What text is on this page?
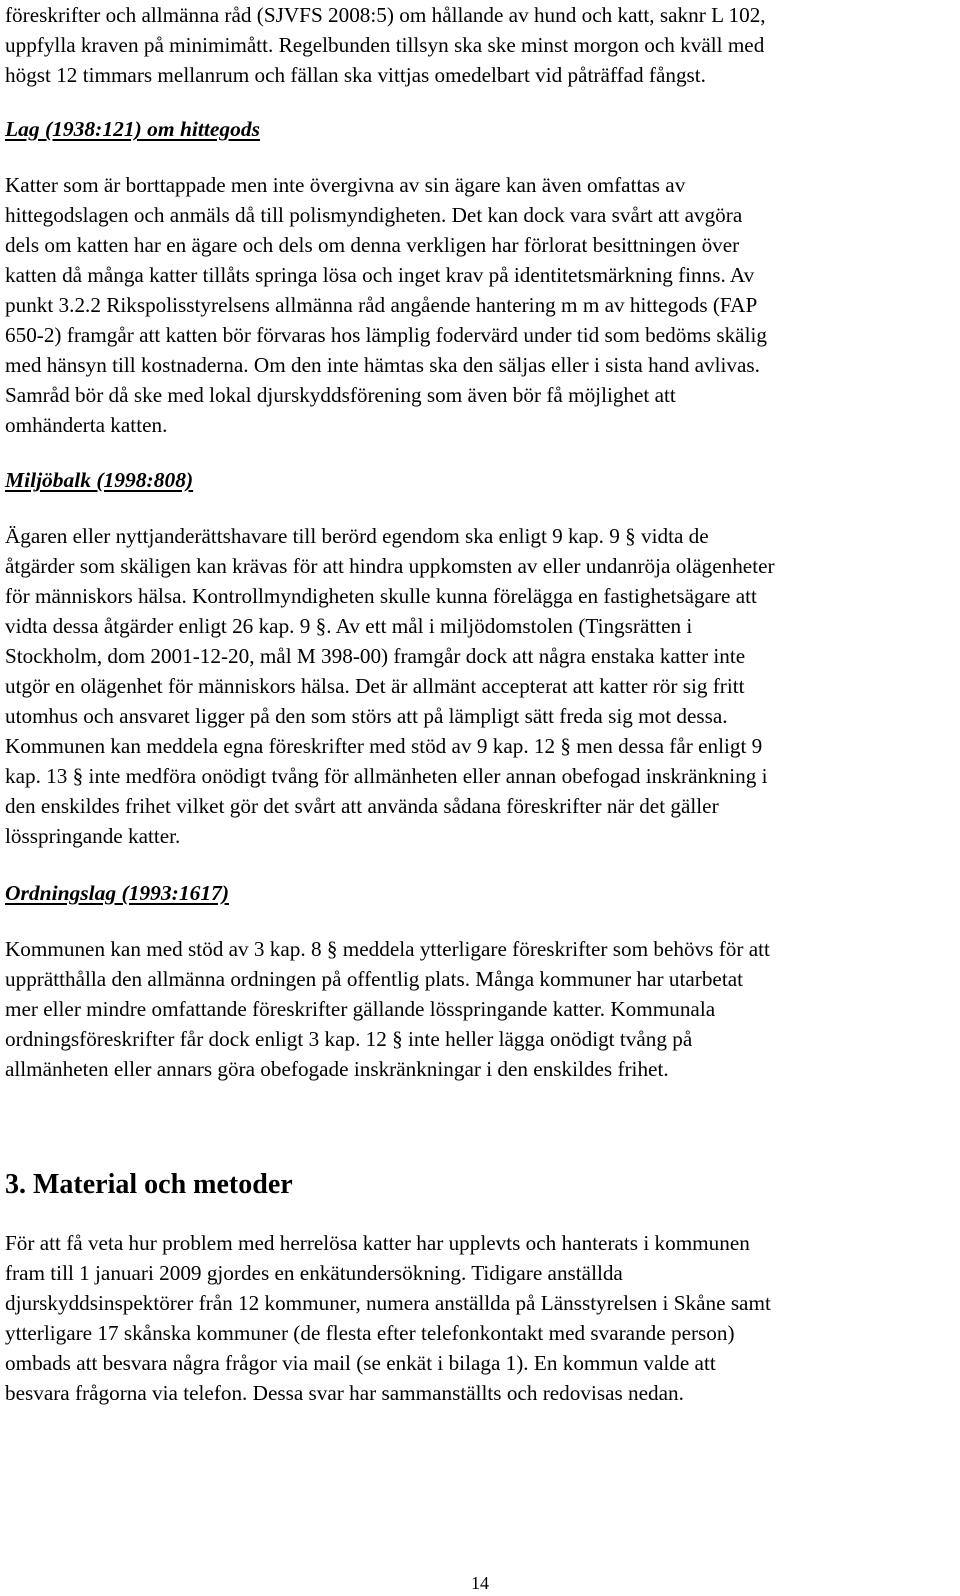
föreskrifter och allmänna råd (SJVFS 2008:5) om hållande av hund och katt, saknr L 102,
uppfylla kraven på minimimått. Regelbunden tillsyn ska ske minst morgon och kväll med
högst 12 timmars mellanrum och fällan ska vittjas omedelbart vid påträffad fångst.

Lag (1938:121) om hittegods

Katter som är borttappade men inte övergivna av sin ägare kan även omfattas av
hittegodslagen och anmäls då till polismyndigheten. Det kan dock vara svårt att avgöra
dels om katten har en ägare och dels om denna verkligen har förlorat besittningen över
katten då många katter tillåts springa lösa och inget krav på identitetsmärkning finns. Av
punkt 3.2.2 Rikspolisstyrelsens allmänna råd angående hantering m m av hittegods (FAP
650-2) framgår att katten bör förvaras hos lämplig fodervärd under tid som bedöms skälig
med hänsyn till kostnaderna. Om den inte hämtas ska den säljas eller i sista hand avlivas.
Samråd bör då ske med lokal djurskyddsförening som även bör få möjlighet att
omhänderta katten.

Miljöbalk (1998:808)

Ägaren eller nyttjanderättshavare till berörd egendom ska enligt 9 kap. 9 § vidta de
åtgärder som skäligen kan krävas för att hindra uppkomsten av eller undanröja olägenheter
för människors hälsa. Kontrollmyndigheten skulle kunna förelägga en fastighetsägare att
vidta dessa åtgärder enligt 26 kap. 9 §. Av ett mål i miljödomstolen (Tingsrätten i
Stockholm, dom 2001-12-20, mål M 398-00) framgår dock att några enstaka katter inte
utgör en olägenhet för människors hälsa. Det är allmänt accepterat att katter rör sig fritt
utomhus och ansvaret ligger på den som störs att på lämpligt sätt freda sig mot dessa.
Kommunen kan meddela egna föreskrifter med stöd av 9 kap. 12 § men dessa får enligt 9
kap. 13 § inte medföra onödigt tvång för allmänheten eller annan obefogad inskränkning i
den enskildes frihet vilket gör det svårt att använda sådana föreskrifter när det gäller
lösspringande katter.

Ordningslag (1993:1617)

Kommunen kan med stöd av 3 kap. 8 § meddela ytterligare föreskrifter som behövs för att
upprätthålla den allmänna ordningen på offentlig plats. Många kommuner har utarbetat
mer eller mindre omfattande föreskrifter gällande lösspringande katter. Kommunala
ordningsföreskrifter får dock enligt 3 kap. 12 § inte heller lägga onödigt tvång på
allmänheten eller annars göra obefogade inskränkningar i den enskildes frihet.

3. Material och metoder

För att få veta hur problem med herrelösa katter har upplevts och hanterats i kommunen
fram till 1 januari 2009 gjordes en enkätundersökning. Tidigare anställda
djurskyddsinspektörer från 12 kommuner, numera anställda på Länsstyrelsen i Skåne samt
ytterligare 17 skånska kommuner (de flesta efter telefonkontakt med svarande person)
ombads att besvara några frågor via mail (se enkät i bilaga 1). En kommun valde att
besvara frågorna via telefon. Dessa svar har sammanställts och redovisas nedan.

14
